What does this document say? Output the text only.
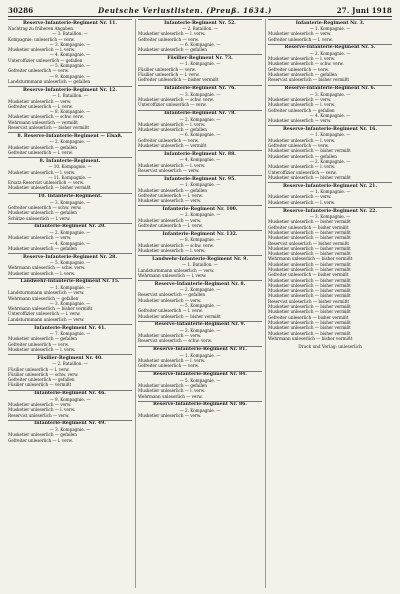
30286	Deutsche Verlustlisten. (Preuß. 1634.)	27. Juni 1918
Reserve-Infanterie-Regiment Nr. 11.
Nachtrag zu früheren Angaben.
— 3. Bataillon. —
Kompagnie: unleserlich — verw.
— 3. Kompagnie. —
Musketier unleserlich — l. verw.
— 4. Kompagnie. —
Unteroffizier unleserlich — gefallen
— 5. Kompagnie. —
Gefreiter unleserlich — verw.
— 9. Kompagnie. —
Landsturmmann unleserlich — gefallen
Reserve-Infanterie-Regiment Nr. 12.
— 1. Bataillon. —
Musketier unleserlich — verw.
Gefreiter unleserlich — l. verw.
— 8. Kompagnie. —
Musketier unleserlich — schw. verw.
Wehrmann unleserlich — vermißt
Reservist unleserlich — bisher vermißt
8. Reserve-Infanterie-Regiment — Elsaß.
— 2. Kompagnie. —
Musketier unleserlich — gefallen
Gefreiter unleserlich — l. verw.
8. Infanterie-Regiment.
— 10. Kompagnie. —
Musketier unleserlich — l. verw.
— 11. Kompagnie. —
Ersatz-Reservist unleserlich — verw.
Musketier unleserlich — bisher vermißt
10. Infanterie-Regiment.
— 3. Kompagnie. —
Gefreiter unleserlich — schw. verw.
Musketier unleserlich — gefallen
Schütze unleserlich — l. verw.
Infanterie-Regiment Nr. 20.
— 2. Kompagnie. —
Musketier unleserlich — verw.
— 4. Kompagnie. —
Musketier unleserlich — gefallen
Reserve-Infanterie-Regiment Nr. 28.
— 5. Kompagnie. —
Wehrmann unleserlich — schw. verw.
Musketier unleserlich — l. verw.
Landwehr-Infanterie-Regiment Nr. 15.
— 1. Kompagnie. —
Landsturmmann unleserlich — verw.
Wehrmann unleserlich — gefallen
— 3. Kompagnie. —
Wehrmann unleserlich — bisher vermißt
Unteroffizier unleserlich — l. verw.
Landsturmmann unleserlich — verw.
Infanterie-Regiment Nr. 41.
— 7. Kompagnie. —
Musketier unleserlich — gefallen
Gefreiter unleserlich — verw.
Musketier unleserlich — l. verw.
Füsilier-Regiment Nr. 40.
— 2. Bataillon. —
Füsilier unleserlich — l. verw.
Füsilier unleserlich — schw. verw.
Gefreiter unleserlich — gefallen
Füsilier unleserlich — vermißt
Infanterie-Regiment Nr. 46.
— 9. Kompagnie. —
Musketier unleserlich — verw.
Musketier unleserlich — l. verw.
Reservist unleserlich — verw.
Infanterie-Regiment Nr. 49.
— 3. Kompagnie. —
Musketier unleserlich — gefallen
Gefreiter unleserlich — l. verw.
Infanterie-Regiment Nr. 52.
— 2. Bataillon. —
Musketier unleserlich — l. verw.
Gefreiter unleserlich — verw.
— 6. Kompagnie. —
Musketier unleserlich — gefallen
Füsilier-Regiment Nr. 73.
— 1. Kompagnie. —
Füsilier unleserlich — verw.
Füsilier unleserlich — l. verw.
Gefreiter unleserlich — bisher vermißt
Infanterie-Regiment Nr. 76.
— 3. Kompagnie. —
Musketier unleserlich — schw. verw.
Unteroffizier unleserlich — verw.
Infanterie-Regiment Nr. 78.
— 2. Kompagnie. —
Musketier unleserlich — l. verw.
Musketier unleserlich — gefallen
— 6. Kompagnie. —
Gefreiter unleserlich — verw.
Musketier unleserlich — vermißt
Infanterie-Regiment Nr. 88.
— 4. Kompagnie. —
Musketier unleserlich — l. verw.
Reservist unleserlich — verw.
Infanterie-Regiment Nr. 95.
— 1. Kompagnie. —
Musketier unleserlich — gefallen
Gefreiter unleserlich — l. verw.
Musketier unleserlich — verw.
Infanterie-Regiment Nr. 100.
— 2. Kompagnie. —
Musketier unleserlich — verw.
Gefreiter unleserlich — l. verw.
Infanterie-Regiment Nr. 132.
— 8. Kompagnie. —
Musketier unleserlich — schw. verw.
Musketier unleserlich — l. verw.
Landwehr-Infanterie-Regiment Nr. 9.
— 1. Bataillon. —
Landsturmmann unleserlich — verw.
Wehrmann unleserlich — l. verw.
Reserve-Infanterie-Regiment Nr. 8.
— 2. Kompagnie. —
Reservist unleserlich — gefallen
Musketier unleserlich — verw.
— 5. Kompagnie. —
Gefreiter unleserlich — l. verw.
Musketier unleserlich — bisher vermißt
Reserve-Infanterie-Regiment Nr. 9.
— 3. Kompagnie. —
Musketier unleserlich — verw.
Reservist unleserlich — schw. verw.
Reserve-Infanterie-Regiment Nr. 81.
— 1. Kompagnie. —
Musketier unleserlich — l. verw.
Gefreiter unleserlich — verw.
Reserve-Infanterie-Regiment Nr. 84.
— 5. Kompagnie. —
Musketier unleserlich — gefallen
Musketier unleserlich — l. verw.
Wehrmann unleserlich — verw.
Reserve-Infanterie-Regiment Nr. 86.
— 2. Kompagnie. —
Musketier unleserlich — verw.
Infanterie-Regiment Nr. 3.
— 1. Kompagnie. —
Musketier unleserlich — verw.
Gefreiter unleserlich — l. verw.
Reserve-Infanterie-Regiment Nr. 5.
— 2. Kompagnie. —
Musketier unleserlich — l. verw.
Musketier unleserlich — schw. verw.
Gefreiter unleserlich — verw.
Musketier unleserlich — gefallen
Reservist unleserlich — bisher vermißt
Reserve-Infanterie-Regiment Nr. 6.
— 3. Kompagnie. —
Musketier unleserlich — verw.
Musketier unleserlich — l. verw.
Gefreiter unleserlich — gefallen
— 4. Kompagnie. —
Musketier unleserlich — verw.
Reserve-Infanterie-Regiment Nr. 16.
— 1. Kompagnie. —
Musketier unleserlich — l. verw.
Gefreiter unleserlich — verw.
Musketier unleserlich — bisher vermißt
Musketier unleserlich — gefallen
— 2. Kompagnie. —
Musketier unleserlich — l. verw.
Unteroffizier unleserlich — verw.
Musketier unleserlich — bisher vermißt
Reserve-Infanterie-Regiment Nr. 21.
— 1. Kompagnie. —
Musketier unleserlich — verw.
Musketier unleserlich — l. verw.
Reserve-Infanterie-Regiment Nr. 22.
— 3. Kompagnie. —
Musketier unleserlich — bisher vermißt
Gefreiter unleserlich — bisher vermißt
Musketier unleserlich — bisher vermißt
Musketier unleserlich — bisher vermißt
Reservist unleserlich — bisher vermißt
Musketier unleserlich — bisher vermißt
Musketier unleserlich — bisher vermißt
Wehrmann unleserlich — bisher vermißt
Musketier unleserlich — bisher vermißt
Musketier unleserlich — bisher vermißt
Gefreiter unleserlich — bisher vermißt
Musketier unleserlich — bisher vermißt
Musketier unleserlich — bisher vermißt
Musketier unleserlich — bisher vermißt
Musketier unleserlich — bisher vermißt
Reservist unleserlich — bisher vermißt
Musketier unleserlich — bisher vermißt
Musketier unleserlich — bisher vermißt
Gefreiter unleserlich — bisher vermißt
Musketier unleserlich — bisher vermißt
Musketier unleserlich — bisher vermißt
Musketier unleserlich — bisher vermißt
Wehrmann unleserlich — bisher vermißt
Druck und Verlag: unleserlich
